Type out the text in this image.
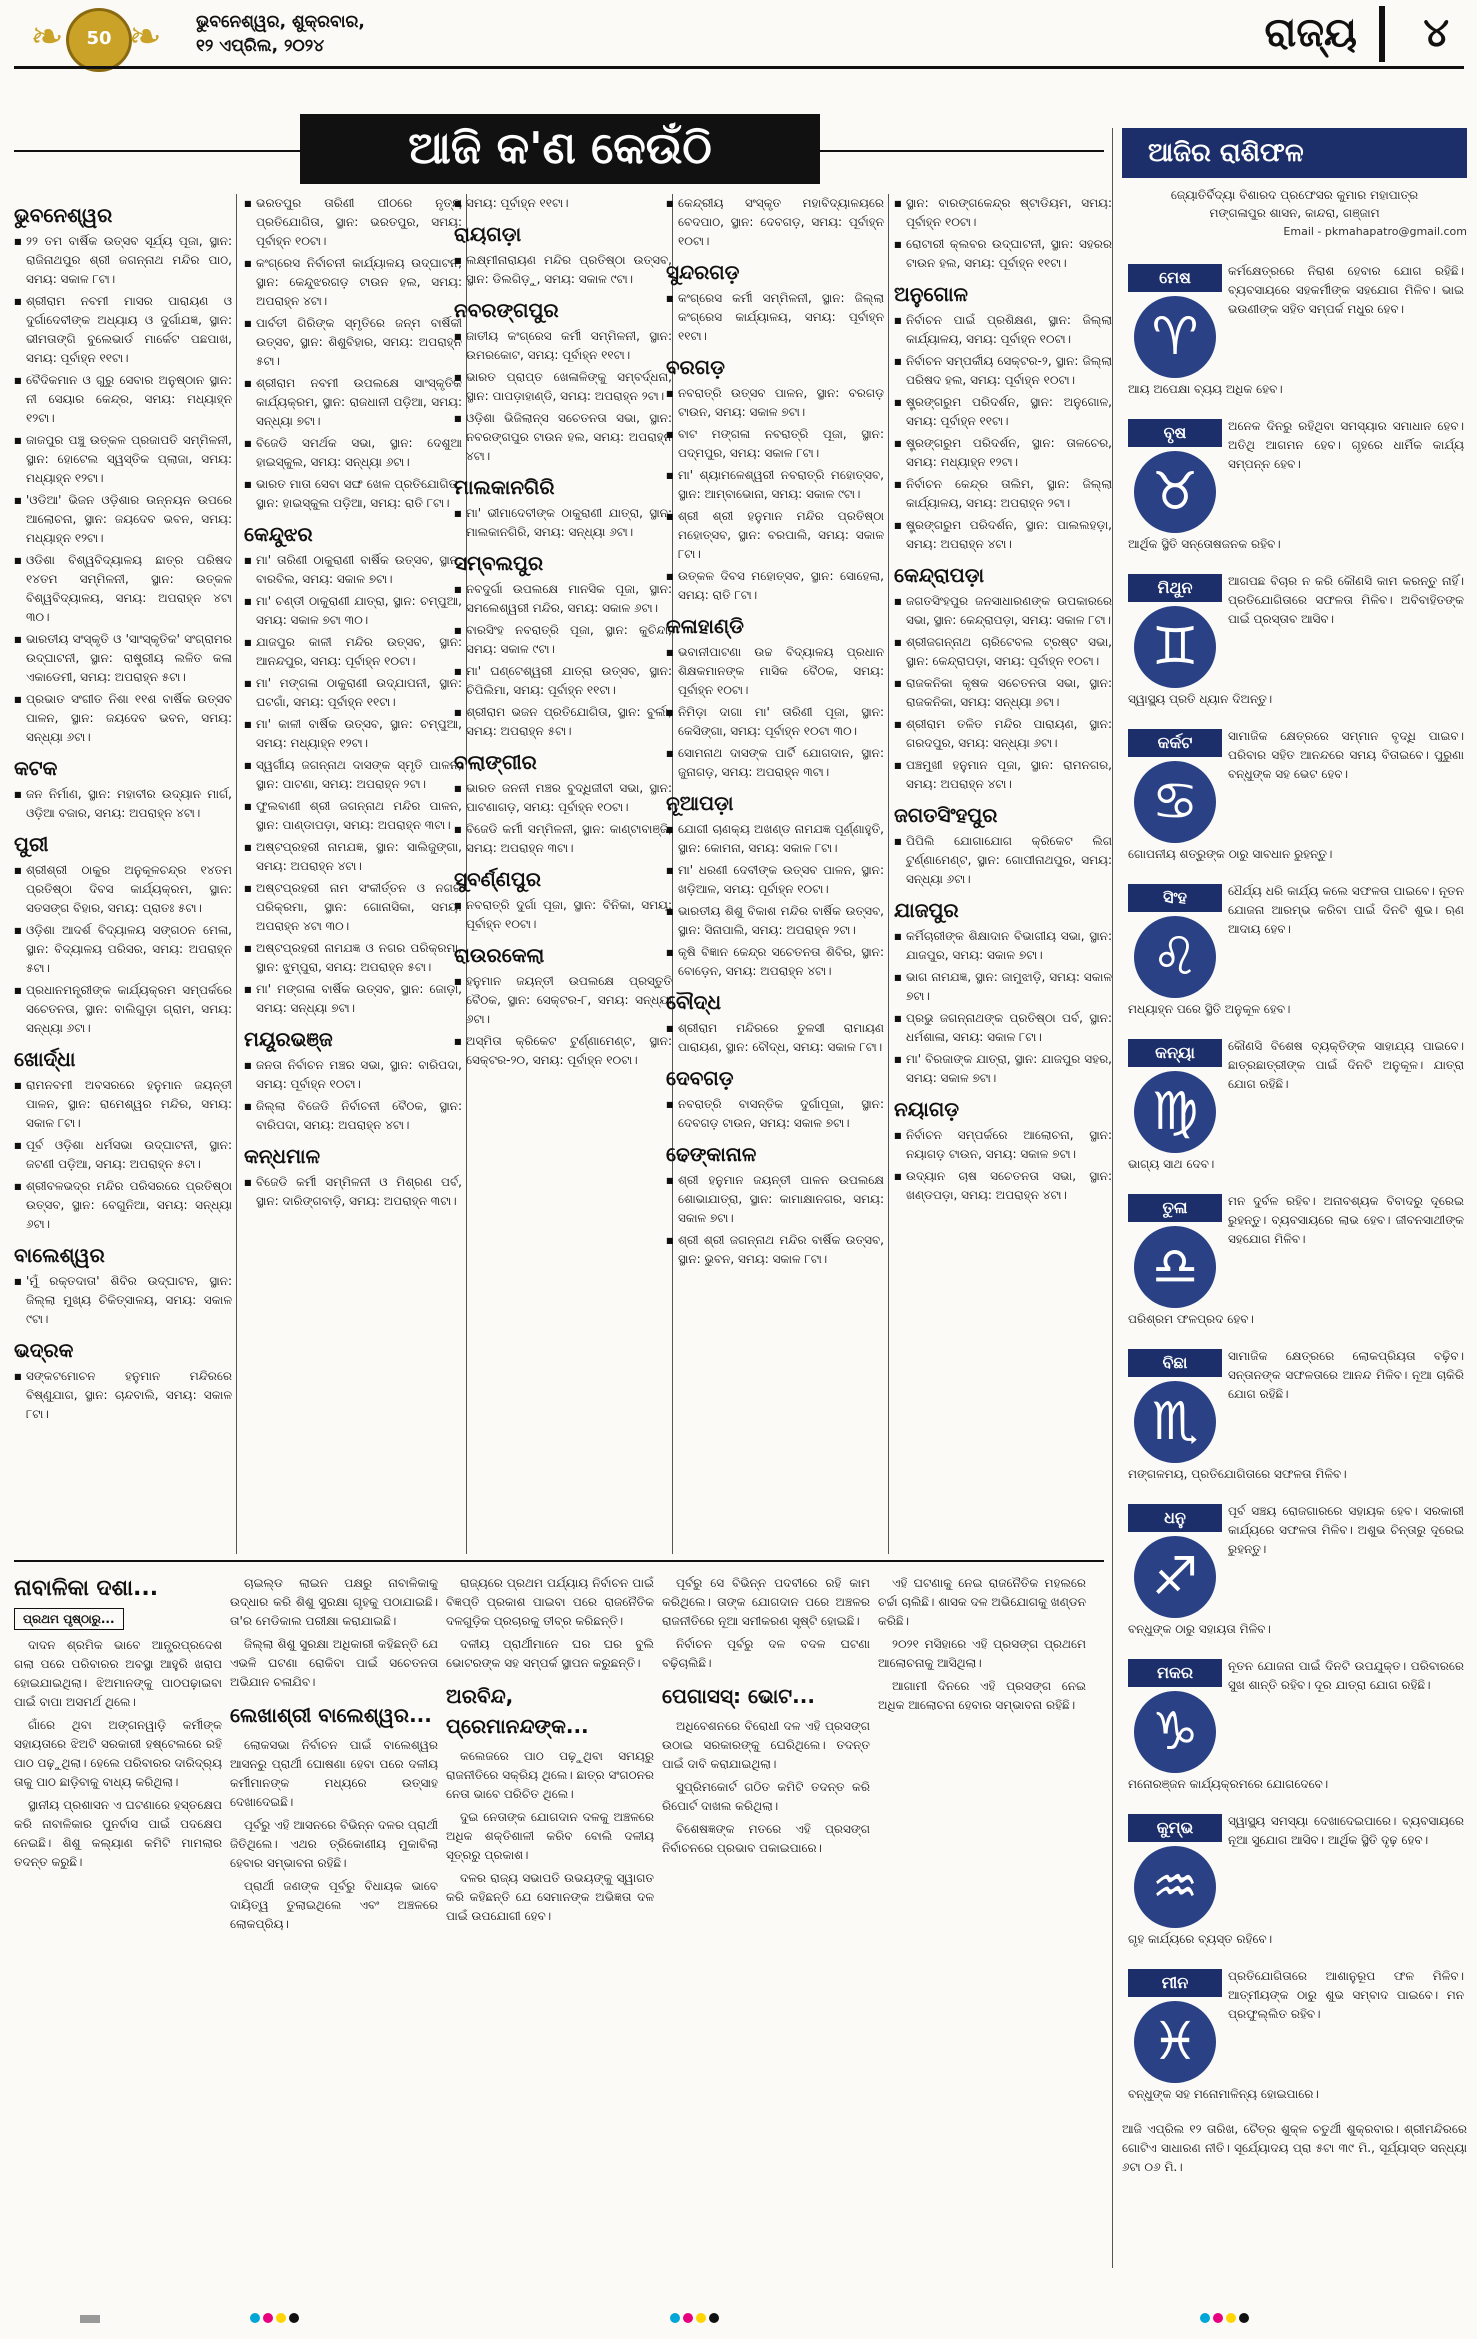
❧	50 ❧ ଭୁବନେଶ୍ୱର, ଶୁକ୍ରବାର,
୧୨ ଏପ୍ରିଲ, ୨୦୨୪	ରାଜ୍ୟ ୪
ଆଜି କ'ଣ କେଉଁଠି
ଭୁବନେଶ୍ୱର
■ ୨୨ ତମ ବାର୍ଷିକ ଉତ୍ସବ ସୂର୍ଯ୍ୟ ପୂଜା, ସ୍ଥାନ: ରାଜିନାଥପୁର ଶ୍ରୀ ଜଗନ୍ନାଥ ମନ୍ଦିର ପାଠ, ସମୟ: ସକାଳ ୮ଟା।
■ ଶ୍ରୀରାମ ନବମୀ ମାସର ପାରାୟଣ ଓ ଦୁର୍ଗାଦେବୀଙ୍କ ଅଧ୍ୟାୟ ଓ ଦୁର୍ଗାଯଜ୍ଞ, ସ୍ଥାନ: ଭୀମତାଙ୍ଗି ବୁଲେଭାର୍ଡ ମାର୍କେଟ ପଛପାଖ, ସମୟ: ପୂର୍ବାହ୍ନ ୧୧ଟା।
■ ବୈଦିକମାନ ଓ ଗୁରୁ ସେବାର ଅନୁଷ୍ଠାନ ସ୍ଥାନ: ନୀ ସେୟାର କେନ୍ଦ୍ର, ସମୟ: ମଧ୍ୟାହ୍ନ ୧୨ଟା।
■ ଜାଜପୁର ପଞ୍ଚୁ ଉତ୍କଳ ପ୍ରଜାପତି ସମ୍ମିଳନୀ, ସ୍ଥାନ: ହୋଟେଲ ସ୍ୱସ୍ତିକ ପ୍ଲାଜା, ସମୟ: ମଧ୍ୟାହ୍ନ ୧୨ଟା।
■ 'ଓଡିଆ' ଭିଜନ ଓଡ଼ିଶାର ଉନ୍ନୟନ ଉପରେ ଆଲୋଚନା, ସ୍ଥାନ: ଜୟଦେବ ଭବନ, ସମୟ: ମଧ୍ୟାହ୍ନ ୧୨ଟା।
■ ଓଡିଶା ବିଶ୍ୱବିଦ୍ୟାଳୟ ଛାତ୍ର ପରିଷଦ ୧୪ତମ ସମ୍ମିଳନୀ, ସ୍ଥାନ: ଉତ୍କଳ ବିଶ୍ୱବିଦ୍ୟାଳୟ, ସମୟ: ଅପରାହ୍ନ ୪ଟା ୩୦।
■ ଭାରତୀୟ ସଂସ୍କୃତି ଓ 'ସାଂସ୍କୃତିକ' ସଂଗ୍ରାମର ଉଦ୍‌ଘାଟନୀ, ସ୍ଥାନ: ରାଷ୍ଟ୍ରୀୟ ଲଳିତ କଳା ଏକାଡେମୀ, ସମୟ: ଅପରାହ୍ନ ୫ଟା।
■ ପ୍ରଭାତ ସଂଗୀତ ନିଶା ୧୧ଶ ବାର୍ଷିକ ଉତ୍ସବ ପାଳନ, ସ୍ଥାନ: ଜୟଦେବ ଭବନ, ସମୟ: ସନ୍ଧ୍ୟା ୬ଟା।
କଟକ
■ ଜନ ନିର୍ମାଣ, ସ୍ଥାନ: ମହାବୀର ଉଦ୍ୟାନ ମାର୍ଗ, ଓଡ଼ିଆ ବଜାର, ସମୟ: ଅପରାହ୍ନ ୪ଟା।
ପୁରୀ
■ ଶ୍ରୀଶ୍ରୀ ଠାକୁର ଅନୁକୂଳଚନ୍ଦ୍ର ୧୪ତମ ପ୍ରତିଷ୍ଠା ଦିବସ କାର୍ଯ୍ୟକ୍ରମ, ସ୍ଥାନ: ସତସଙ୍ଗ ବିହାର, ସମୟ: ପ୍ରାତଃ ୫ଟା।
■ ଓଡ଼ିଶା ଆଦର୍ଶ ବିଦ୍ୟାଳୟ ସଙ୍ଗଠନ ମେଳା, ସ୍ଥାନ: ବିଦ୍ୟାଳୟ ପରିସର, ସମୟ: ଅପରାହ୍ନ ୫ଟା।
■ ପ୍ରଧାନମନ୍ତ୍ରୀଙ୍କ କାର୍ଯ୍ୟକ୍ରମ ସମ୍ପର୍କରେ ସଚେତନତା, ସ୍ଥାନ: ବାଲିଗୁଡ଼ା ଗ୍ରାମ, ସମୟ: ସନ୍ଧ୍ୟା ୬ଟା।
ଖୋର୍ଦ୍ଧା
■ ରାମନବମୀ ଅବସରରେ ହନୁମାନ ଜୟନ୍ତୀ ପାଳନ, ସ୍ଥାନ: ରାମେଶ୍ୱର ମନ୍ଦିର, ସମୟ: ସକାଳ ୮ଟା।
■ ପୂର୍ବ ଓଡ଼ିଶା ଧର୍ମସଭା ଉଦ୍‌ଘାଟନୀ, ସ୍ଥାନ: ଜଟଣୀ ପଡ଼ିଆ, ସମୟ: ଅପରାହ୍ନ ୫ଟା।
■ ଶ୍ରୀବଳଭଦ୍ର ମନ୍ଦିର ପରିସରରେ ପ୍ରତିଷ୍ଠା ଉତ୍ସବ, ସ୍ଥାନ: ବେଗୁନିଆ, ସମୟ: ସନ୍ଧ୍ୟା ୬ଟା।
ବାଲେଶ୍ୱର
■ 'ମୁଁ ରକ୍ତଦାତା' ଶିବିର ଉଦ୍‌ଘାଟନ, ସ୍ଥାନ: ଜିଲ୍ଲା ମୁଖ୍ୟ ଚିକିତ୍ସାଳୟ, ସମୟ: ସକାଳ ୯ଟା।
ଭଦ୍ରକ
■ ସଙ୍କଟମୋଚନ ହନୁମାନ ମନ୍ଦିରରେ ବିଷ୍ଣୁଯାଗ, ସ୍ଥାନ: ଚାନ୍ଦବାଲି, ସମୟ: ସକାଳ ୮ଟା।
■ ଭରତପୁର ତାରିଣୀ ପୀଠରେ ନୃତ୍ୟ ପ୍ରତିଯୋଗିତା, ସ୍ଥାନ: ଭରତପୁର, ସମୟ: ପୂର୍ବାହ୍ନ ୧୦ଟା।
■ କଂଗ୍ରେସ ନିର୍ବାଚନୀ କାର୍ଯ୍ୟାଳୟ ଉଦ୍‌ଘାଟନ, ସ୍ଥାନ: କେନ୍ଦୁଝରଗଡ଼ ଟାଉନ ହଲ, ସମୟ: ଅପରାହ୍ନ ୪ଟା।
■ ପାର୍ବତୀ ଗିରିଙ୍କ ସ୍ମୃତିରେ ଜନ୍ମ ବାର୍ଷିକୀ ଉତ୍ସବ, ସ୍ଥାନ: ଶିଶୁବିହାର, ସମୟ: ଅପରାହ୍ନ ୫ଟା।
■ ଶ୍ରୀରାମ ନବମୀ ଉପଲକ୍ଷେ ସାଂସ୍କୃତିକ କାର୍ଯ୍ୟକ୍ରମ, ସ୍ଥାନ: ରାଜଧାନୀ ପଡ଼ିଆ, ସମୟ: ସନ୍ଧ୍ୟା ୭ଟା।
■ ବିଜେଡି ସମର୍ଥକ ସଭା, ସ୍ଥାନ: ଦେଶୁଆ ହାଇସ୍କୁଲ, ସମୟ: ସନ୍ଧ୍ୟା ୬ଟା।
■ ଭାରତ ମାତା ସେବା ସଙ୍ଘ ଖେଳ ପ୍ରତିଯୋଗିତା, ସ୍ଥାନ: ହାଇସ୍କୁଲ ପଡ଼ିଆ, ସମୟ: ରାତି ୮ଟା।
କେନ୍ଦୁଝର
■ ମା' ତାରିଣୀ ଠାକୁରାଣୀ ବାର୍ଷିକ ଉତ୍ସବ, ସ୍ଥାନ: ବାରବିଲ, ସମୟ: ସକାଳ ୭ଟା।
■ ମା' ଚଣ୍ଡୀ ଠାକୁରାଣୀ ଯାତ୍ରା, ସ୍ଥାନ: ଚମ୍ପୁଆ, ସମୟ: ସକାଳ ୭ଟା ୩୦।
■ ଯାଜପୁର କାଳୀ ମନ୍ଦିର ଉତ୍ସବ, ସ୍ଥାନ: ଆନନ୍ଦପୁର, ସମୟ: ପୂର୍ବାହ୍ନ ୧୦ଟା।
■ ମା' ମଙ୍ଗଳା ଠାକୁରାଣୀ ଉଦ୍‌ଯାପନୀ, ସ୍ଥାନ: ଘଟଗାଁ, ସମୟ: ପୂର୍ବାହ୍ନ ୧୧ଟା।
■ ମା' କାଳୀ ବାର୍ଷିକ ଉତ୍ସବ, ସ୍ଥାନ: ଚମ୍ପୁଆ, ସମୟ: ମଧ୍ୟାହ୍ନ ୧୨ଟା।
■ ସ୍ୱର୍ଗୀୟ ଜଗନ୍ନାଥ ଦାସଙ୍କ ସ୍ମୃତି ପାଳନ, ସ୍ଥାନ: ପାଟଣା, ସମୟ: ଅପରାହ୍ନ ୨ଟା।
■ ଫୁଲବାଣୀ ଶ୍ରୀ ଜଗନ୍ନାଥ ମନ୍ଦିର ପାଳନ, ସ୍ଥାନ: ପାଣ୍ଡାପଡ଼ା, ସମୟ: ଅପରାହ୍ନ ୩ଟା।
■ ଅଷ୍ଟପ୍ରହରୀ ନାମଯଜ୍ଞ, ସ୍ଥାନ: ସାଲିଜୁଙ୍ଗା, ସମୟ: ଅପରାହ୍ନ ୪ଟା।
■ ଅଷ୍ଟପ୍ରହରୀ ନାମ ସଂକୀର୍ତ୍ତନ ଓ ନଗର ପରିକ୍ରମା, ସ୍ଥାନ: ଗୋନାସିକା, ସମୟ: ଅପରାହ୍ନ ୪ଟା ୩୦।
■ ଅଷ୍ଟପ୍ରହରୀ ନାମଯଜ୍ଞ ଓ ନଗର ପରିକ୍ରମା, ସ୍ଥାନ: ଝୁମ୍ପୁରା, ସମୟ: ଅପରାହ୍ନ ୫ଟା।
■ ମା' ମଙ୍ଗଳା ବାର୍ଷିକ ଉତ୍ସବ, ସ୍ଥାନ: ଜୋଡ଼ା, ସମୟ: ସନ୍ଧ୍ୟା ୭ଟା।
ମୟୂରଭଞ୍ଜ
■ ଜନତା ନିର୍ବାଚନ ମଞ୍ଚର ସଭା, ସ୍ଥାନ: ବାରିପଦା, ସମୟ: ପୂର୍ବାହ୍ନ ୧୦ଟା।
■ ଜିଲ୍ଲା ବିଜେଡି ନିର୍ବାଚନୀ ବୈଠକ, ସ୍ଥାନ: ବାରିପଦା, ସମୟ: ଅପରାହ୍ନ ୪ଟା।
କନ୍ଧମାଳ
■ ବିଜେଡି କର୍ମୀ ସମ୍ମିଳନୀ ଓ ମିଶ୍ରଣ ପର୍ବ, ସ୍ଥାନ: ଦାରିଙ୍ଗବାଡ଼ି, ସମୟ: ଅପରାହ୍ନ ୩ଟା।
■ ସମୟ: ପୂର୍ବାହ୍ନ ୧୧ଟା।
ରାୟଗଡ଼ା
■ ଲକ୍ଷ୍ମୀନାରାୟଣ ମନ୍ଦିର ପ୍ରତିଷ୍ଠା ଉତ୍ସବ, ସ୍ଥାନ: ଡିଲଗିଡ଼ୁ, ସମୟ: ସକାଳ ୯ଟା।
ନବରଙ୍ଗପୁର
■ ଜାତୀୟ କଂଗ୍ରେସ କର୍ମୀ ସମ୍ମିଳନୀ, ସ୍ଥାନ: ଉମରକୋଟ, ସମୟ: ପୂର୍ବାହ୍ନ ୧୧ଟା।
■ ଭାରତ ପ୍ରାପ୍ତ ଖେଳାଳିଙ୍କୁ ସମ୍ବର୍ଦ୍ଧନା, ସ୍ଥାନ: ପାପଡ଼ାହାଣ୍ଡି, ସମୟ: ଅପରାହ୍ନ ୨ଟା।
■ ଓଡ଼ିଶା ଭିଜିଲାନ୍ସ ସଚେତନତା ସଭା, ସ୍ଥାନ: ନବରଙ୍ଗପୁର ଟାଉନ ହଲ, ସମୟ: ଅପରାହ୍ନ ୪ଟା।
ମାଲକାନଗିରି
■ ମା' ଭୀମାଦେବୀଙ୍କ ଠାକୁରାଣୀ ଯାତ୍ରା, ସ୍ଥାନ: ମାଲକାନଗିରି, ସମୟ: ସନ୍ଧ୍ୟା ୬ଟା।
ସମ୍ବଲପୁର
■ ନବଦୁର୍ଗା ଉପଲକ୍ଷେ ମାନସିକ ପୂଜା, ସ୍ଥାନ: ସମଲେଶ୍ୱରୀ ମନ୍ଦିର, ସମୟ: ସକାଳ ୬ଟା।
■ ବାରସିଂହ ନବରାତ୍ରି ପୂଜା, ସ୍ଥାନ: କୁଚିନ୍ଦା, ସମୟ: ସକାଳ ୯ଟା।
■ ମା' ଘଣ୍ଟେଶ୍ୱରୀ ଯାତ୍ରା ଉତ୍ସବ, ସ୍ଥାନ: ଚିପିଲିମା, ସମୟ: ପୂର୍ବାହ୍ନ ୧୧ଟା।
■ ଶ୍ରୀରାମ ଭଜନ ପ୍ରତିଯୋଗିତା, ସ୍ଥାନ: ବୁର୍ଲା, ସମୟ: ଅପରାହ୍ନ ୫ଟା।
ବଲାଙ୍ଗୀର
■ ଭାରତ ଜନନୀ ମଞ୍ଚର ବୁଦ୍ଧିଜୀବୀ ସଭା, ସ୍ଥାନ: ପାଟଣାଗଡ଼, ସମୟ: ପୂର୍ବାହ୍ନ ୧୦ଟା।
■ ବିଜେଡି କର୍ମୀ ସମ୍ମିଳନୀ, ସ୍ଥାନ: କାଣ୍ଟାବାଞ୍ଜି, ସମୟ: ଅପରାହ୍ନ ୩ଟା।
ସୁବର୍ଣ୍ଣପୁର
■ ନବରାତ୍ରି ଦୁର୍ଗା ପୂଜା, ସ୍ଥାନ: ବିନିକା, ସମୟ: ପୂର୍ବାହ୍ନ ୧୦ଟା।
ରାଉରକେଲା
■ ହନୁମାନ ଜୟନ୍ତୀ ଉପଲକ୍ଷେ ପ୍ରସ୍ତୁତି ବୈଠକ, ସ୍ଥାନ: ସେକ୍ଟର-୮, ସମୟ: ସନ୍ଧ୍ୟା ୬ଟା।
■ ଅସ୍ମିତା କ୍ରିକେଟ ଟୁର୍ଣ୍ଣାମେଣ୍ଟ, ସ୍ଥାନ: ସେକ୍ଟର-୨୦, ସମୟ: ପୂର୍ବାହ୍ନ ୧୦ଟା।
■ କେନ୍ଦ୍ରୀୟ ସଂସ୍କୃତ ମହାବିଦ୍ୟାଳୟରେ ବେଦପାଠ, ସ୍ଥାନ: ଦେବଗଡ଼, ସମୟ: ପୂର୍ବାହ୍ନ ୧୦ଟା।
ସୁନ୍ଦରଗଡ଼
■ କଂଗ୍ରେସ କର୍ମୀ ସମ୍ମିଳନୀ, ସ୍ଥାନ: ଜିଲ୍ଲା କଂଗ୍ରେସ କାର୍ଯ୍ୟାଳୟ, ସମୟ: ପୂର୍ବାହ୍ନ ୧୧ଟା।
ବରଗଡ଼
■ ନବରାତ୍ରି ଉତ୍ସବ ପାଳନ, ସ୍ଥାନ: ବରଗଡ଼ ଟାଉନ, ସମୟ: ସକାଳ ୭ଟା।
■ ବାଟ ମଙ୍ଗଳା ନବରାତ୍ରି ପୂଜା, ସ୍ଥାନ: ପଦ୍ମପୁର, ସମୟ: ସକାଳ ୮ଟା।
■ ମା' ଶ୍ୟାମଳେଶ୍ୱରୀ ନବରାତ୍ରି ମହୋତ୍ସବ, ସ୍ଥାନ: ଆମ୍ବାଭୋନା, ସମୟ: ସକାଳ ୯ଟା।
■ ଶ୍ରୀ ଶ୍ରୀ ହନୁମାନ ମନ୍ଦିର ପ୍ରତିଷ୍ଠା ମହୋତ୍ସବ, ସ୍ଥାନ: ବରପାଲି, ସମୟ: ସକାଳ ୮ଟା।
■ ଉତ୍କଳ ଦିବସ ମହୋତ୍ସବ, ସ୍ଥାନ: ସୋହେଲା, ସମୟ: ରାତି ୮ଟା।
କଳାହାଣ୍ଡି
■ ଭବାନୀପାଟଣା ଉଚ୍ଚ ବିଦ୍ୟାଳୟ ପ୍ରଧାନ ଶିକ୍ଷକମାନଙ୍କ ମାସିକ ବୈଠକ, ସମୟ: ପୂର୍ବାହ୍ନ ୧୦ଟା।
■ ନିମିଡ଼ା ଦାଗା ମା' ତାରିଣୀ ପୂଜା, ସ୍ଥାନ: କେସିଙ୍ଗା, ସମୟ: ପୂର୍ବାହ୍ନ ୧୦ଟା ୩୦।
■ ସୋମନାଥ ଦାସଙ୍କ ପାର୍ଟି ଯୋଗଦାନ, ସ୍ଥାନ: ଜୁନାଗଡ଼, ସମୟ: ଅପରାହ୍ନ ୩ଟା।
ନୂଆପଡ଼ା
■ ଯୋଗୀ ଚାଣକ୍ୟ ଅଖଣ୍ଡ ନାମଯଜ୍ଞ ପୂର୍ଣ୍ଣାହୁତି, ସ୍ଥାନ: କୋମନା, ସମୟ: ସକାଳ ୮ଟା।
■ ମା' ଧରଣୀ ଦେବୀଙ୍କ ଉତ୍ସବ ପାଳନ, ସ୍ଥାନ: ଖଡ଼ିଆଳ, ସମୟ: ପୂର୍ବାହ୍ନ ୧୦ଟା।
■ ଭାରତୀୟ ଶିଶୁ ବିକାଶ ମନ୍ଦିର ବାର୍ଷିକ ଉତ୍ସବ, ସ୍ଥାନ: ସିନାପାଲି, ସମୟ: ଅପରାହ୍ନ ୨ଟା।
■ କୃଷି ବିଜ୍ଞାନ କେନ୍ଦ୍ର ସଚେତନତା ଶିବିର, ସ୍ଥାନ: ବୋଡ଼େନ, ସମୟ: ଅପରାହ୍ନ ୪ଟା।
ବୌଦ୍ଧ
■ ଶ୍ରୀରାମ ମନ୍ଦିରରେ ତୁଳସୀ ରାମାୟଣ ପାରାୟଣ, ସ୍ଥାନ: ବୌଦ୍ଧ, ସମୟ: ସକାଳ ୮ଟା।
ଦେବଗଡ଼
■ ନବରାତ୍ରି ବାସନ୍ତିକ ଦୁର୍ଗାପୂଜା, ସ୍ଥାନ: ଦେବଗଡ଼ ଟାଉନ, ସମୟ: ସକାଳ ୭ଟା।
ଢେଙ୍କାନାଳ
■ ଶ୍ରୀ ହନୁମାନ ଜୟନ୍ତୀ ପାଳନ ଉପଲକ୍ଷେ ଶୋଭାଯାତ୍ରା, ସ୍ଥାନ: କାମାକ୍ଷାନଗର, ସମୟ: ସକାଳ ୭ଟା।
■ ଶ୍ରୀ ଶ୍ରୀ ଜଗନ୍ନାଥ ମନ୍ଦିର ବାର୍ଷିକ ଉତ୍ସବ, ସ୍ଥାନ: ଭୁବନ, ସମୟ: ସକାଳ ୮ଟା।
■ ସ୍ଥାନ: ବାରଙ୍ଗକେନ୍ଦ୍ର ଷ୍ଟାଡିୟମ, ସମୟ: ପୂର୍ବାହ୍ନ ୧୦ଟା।
■ ରୋଟାରୀ କ୍ଲବର ଉଦ୍‌ଘାଟନୀ, ସ୍ଥାନ: ସହରର ଟାଉନ ହଲ, ସମୟ: ପୂର୍ବାହ୍ନ ୧୧ଟା।
ଅନୁଗୋଳ
■ ନିର୍ବାଚନ ପାଇଁ ପ୍ରଶିକ୍ଷଣ, ସ୍ଥାନ: ଜିଲ୍ଲା କାର୍ଯ୍ୟାଳୟ, ସମୟ: ପୂର୍ବାହ୍ନ ୧୦ଟା।
■ ନିର୍ବାଚନ ସମ୍ପର୍କୀୟ ସେକ୍ଟର-୨, ସ୍ଥାନ: ଜିଲ୍ଲା ପରିଷଦ ହଲ, ସମୟ: ପୂର୍ବାହ୍ନ ୧୦ଟା।
■ ଷ୍ଟ୍ରଙ୍ଗରୁମ ପରିଦର୍ଶନ, ସ୍ଥାନ: ଅନୁଗୋଳ, ସମୟ: ପୂର୍ବାହ୍ନ ୧୧ଟା।
■ ଷ୍ଟ୍ରଙ୍ଗରୁମ ପରିଦର୍ଶନ, ସ୍ଥାନ: ତାଳଚେର, ସମୟ: ମଧ୍ୟାହ୍ନ ୧୨ଟା।
■ ନିର୍ବାଚନ କେନ୍ଦ୍ର ତାଲିମ, ସ୍ଥାନ: ଜିଲ୍ଲା କାର୍ଯ୍ୟାଳୟ, ସମୟ: ଅପରାହ୍ନ ୨ଟା।
■ ଷ୍ଟ୍ରଙ୍ଗରୁମ ପରିଦର୍ଶନ, ସ୍ଥାନ: ପାଲଲହଡ଼ା, ସମୟ: ଅପରାହ୍ନ ୪ଟା।
କେନ୍ଦ୍ରାପଡ଼ା
■ ଜଗତସିଂହପୁର ଜନସାଧାରଣଙ୍କ ଉପକାରରେ ସଭା, ସ୍ଥାନ: କେନ୍ଦ୍ରାପଡ଼ା, ସମୟ: ସକାଳ ୮ଟା।
■ ଶ୍ରୀଜଗନ୍ନାଥ ଚାରିଟେବଲ ଟ୍ରଷ୍ଟ ସଭା, ସ୍ଥାନ: କେନ୍ଦ୍ରାପଡ଼ା, ସମୟ: ପୂର୍ବାହ୍ନ ୧୦ଟା।
■ ରାଜକନିକା କୃଷକ ସଚେତନତା ସଭା, ସ୍ଥାନ: ରାଜକନିକା, ସମୟ: ସନ୍ଧ୍ୟା ୬ଟା।
■ ଶ୍ରୀରାମ ତଳିତ ମନ୍ଦିର ପାରାୟଣ, ସ୍ଥାନ: ଗରଦପୁର, ସମୟ: ସନ୍ଧ୍ୟା ୬ଟା।
■ ପଞ୍ଚମୁଖୀ ହନୁମାନ ପୂଜା, ସ୍ଥାନ: ରାମନଗର, ସମୟ: ଅପରାହ୍ନ ୪ଟା।
ଜଗତସିଂହପୁର
■ ପିପିଲି ଯୋଗାଯୋଗ କ୍ରିକେଟ ଲିଗ ଟୁର୍ଣ୍ଣାମେଣ୍ଟ, ସ୍ଥାନ: ଗୋପୀନାଥପୁର, ସମୟ: ସନ୍ଧ୍ୟା ୬ଟା।
ଯାଜପୁର
■ କର୍ମିଚାରୀଙ୍କ ଶିକ୍ଷାଦାନ ବିଭାଗୀୟ ସଭା, ସ୍ଥାନ: ଯାଜପୁର, ସମୟ: ସକାଳ ୭ଟା।
■ ଭାଗ ନାମଯଜ୍ଞ, ସ୍ଥାନ: ଜାମୁଝାଡ଼ି, ସମୟ: ସକାଳ ୭ଟା।
■ ପ୍ରଭୁ ଜଗନ୍ନାଥଙ୍କ ପ୍ରତିଷ୍ଠା ପର୍ବ, ସ୍ଥାନ: ଧର୍ମଶାଳା, ସମୟ: ସକାଳ ୮ଟା।
■ ମା' ବିରଜାଙ୍କ ଯାତ୍ରା, ସ୍ଥାନ: ଯାଜପୁର ସହର, ସମୟ: ସକାଳ ୭ଟା।
ନୟାଗଡ଼
■ ନିର୍ବାଚନ ସମ୍ପର୍କରେ ଆଲୋଚନା, ସ୍ଥାନ: ନୟାଗଡ଼ ଟାଉନ, ସମୟ: ସକାଳ ୭ଟା।
■ ଉଦ୍ୟାନ ଚାଷ ସଚେତନତା ସଭା, ସ୍ଥାନ: ଖଣ୍ଡପଡ଼ା, ସମୟ: ଅପରାହ୍ନ ୪ଟା।
ଆଜିର ରାଶିଫଳ
ଜ୍ୟୋତିର୍ବିଦ୍ୟା ବିଶାରଦ ପ୍ରଫେସର କୁମାର ମହାପାତ୍ର
ମଙ୍ଗଳାପୁର ଶାସନ, କାନ୍ଦରା, ଗଞ୍ଜାମ
Email - pkmahapatro@gmail.com
ମେଷ
♈
କର୍ମକ୍ଷେତ୍ରରେ ନିରାଶ ହେବାର ଯୋଗ ରହିଛି। ବ୍ୟବସାୟରେ ସହକର୍ମୀଙ୍କ ସହଯୋଗ ମିଳିବ। ଭାଇ ଭଉଣୀଙ୍କ ସହିତ ସମ୍ପର୍କ ମଧୁର ହେବ।
ଆୟ ଅପେକ୍ଷା ବ୍ୟୟ ଅଧିକ ହେବ।
ବୃଷ
♉
ଅନେକ ଦିନରୁ ରହିଥିବା ସମସ୍ୟାର ସମାଧାନ ହେବ। ଅତିଥି ଆଗମନ ହେବ। ଗୃହରେ ଧାର୍ମିକ କାର୍ଯ୍ୟ ସମ୍ପନ୍ନ ହେବ।
ଆର୍ଥିକ ସ୍ଥିତି ସନ୍ତୋଷଜନକ ରହିବ।
ମିଥୁନ
♊
ଆଗପଛ ବିଚାର ନ କରି କୌଣସି କାମ କରନ୍ତୁ ନାହିଁ। ପ୍ରତିଯୋଗିତାରେ ସଫଳତା ମିଳିବ। ଅବିବାହିତଙ୍କ ପାଇଁ ପ୍ରସ୍ତାବ ଆସିବ।
ସ୍ୱାସ୍ଥ୍ୟ ପ୍ରତି ଧ୍ୟାନ ଦିଅନ୍ତୁ।
କର୍କଟ
♋
ସାମାଜିକ କ୍ଷେତ୍ରରେ ସମ୍ମାନ ବୃଦ୍ଧି ପାଇବ। ପରିବାର ସହିତ ଆନନ୍ଦରେ ସମୟ ବିତାଇବେ। ପୁରୁଣା ବନ୍ଧୁଙ୍କ ସହ ଭେଟ ହେବ।
ଗୋପନୀୟ ଶତ୍ରୁଙ୍କ ଠାରୁ ସାବଧାନ ରୁହନ୍ତୁ।
ସିଂହ
♌
ଧୈର୍ଯ୍ୟ ଧରି କାର୍ଯ୍ୟ କଲେ ସଫଳତା ପାଇବେ। ନୂତନ ଯୋଜନା ଆରମ୍ଭ କରିବା ପାଇଁ ଦିନଟି ଶୁଭ। ଋଣ ଆଦାୟ ହେବ।
ମଧ୍ୟାହ୍ନ ପରେ ସ୍ଥିତି ଅନୁକୂଳ ହେବ।
କନ୍ୟା
♍
କୌଣସି ବିଶେଷ ବ୍ୟକ୍ତିଙ୍କ ସାହାଯ୍ୟ ପାଇବେ। ଛାତ୍ରଛାତ୍ରୀଙ୍କ ପାଇଁ ଦିନଟି ଅନୁକୂଳ। ଯାତ୍ରା ଯୋଗ ରହିଛି।
ଭାଗ୍ୟ ସାଥ ଦେବ।
ତୁଳା
♎
ମନ ଦୁର୍ବଳ ରହିବ। ଅନାବଶ୍ୟକ ବିବାଦରୁ ଦୂରେଇ ରୁହନ୍ତୁ। ବ୍ୟବସାୟରେ ଲାଭ ହେବ। ଜୀବନସାଥୀଙ୍କ ସହଯୋଗ ମିଳିବ।
ପରିଶ୍ରମ ଫଳପ୍ରଦ ହେବ।
ବିଛା
♏
ସାମାଜିକ କ୍ଷେତ୍ରରେ ଲୋକପ୍ରିୟତା ବଢ଼ିବ। ସନ୍ତାନଙ୍କ ସଫଳତାରେ ଆନନ୍ଦ ମିଳିବ। ନୂଆ ଚାକିରି ଯୋଗ ରହିଛି।
ମଙ୍ଗଳମୟ, ପ୍ରତିଯୋଗିତାରେ ସଫଳତା ମିଳିବ।
ଧନୁ
♐
ପୂର୍ବ ସଞ୍ଚୟ ରୋଜଗାରରେ ସହାୟକ ହେବ। ସରକାରୀ କାର୍ଯ୍ୟରେ ସଫଳତା ମିଳିବ। ଅଶୁଭ ଚିନ୍ତାରୁ ଦୂରେଇ ରୁହନ୍ତୁ।
ବନ୍ଧୁଙ୍କ ଠାରୁ ସହାୟତା ମିଳିବ।
ମକର
♑
ନୂତନ ଯୋଜନା ପାଇଁ ଦିନଟି ଉପଯୁକ୍ତ। ପରିବାରରେ ସୁଖ ଶାନ୍ତି ରହିବ। ଦୂର ଯାତ୍ରା ଯୋଗ ରହିଛି।
ମନୋରଞ୍ଜନ କାର୍ଯ୍ୟକ୍ରମରେ ଯୋଗଦେବେ।
କୁମ୍ଭ
♒
ସ୍ୱାସ୍ଥ୍ୟ ସମସ୍ୟା ଦେଖାଦେଇପାରେ। ବ୍ୟବସାୟରେ ନୂଆ ସୁଯୋଗ ଆସିବ। ଆର୍ଥିକ ସ୍ଥିତି ଦୃଢ଼ ହେବ।
ଗୃହ କାର୍ଯ୍ୟରେ ବ୍ୟସ୍ତ ରହିବେ।
ମୀନ
♓
ପ୍ରତିଯୋଗିତାରେ ଆଶାନୁରୂପ ଫଳ ମିଳିବ। ଆତ୍ମୀୟଙ୍କ ଠାରୁ ଶୁଭ ସମ୍ବାଦ ପାଇବେ। ମନ ପ୍ରଫୁଲ୍ଲିତ ରହିବ।
ବନ୍ଧୁଙ୍କ ସହ ମନୋମାଳିନ୍ୟ ହୋଇପାରେ।
ଆଜି ଏପ୍ରିଲ ୧୨ ତାରିଖ, ଚୈତ୍ର ଶୁକ୍ଳ ଚତୁର୍ଥୀ ଶୁକ୍ରବାର। ଶ୍ରୀମନ୍ଦିରରେ ଗୋଟିଏ ସାଧାରଣ ନୀତି। ସୂର୍ଯ୍ୟୋଦୟ ପ୍ରା ୫ଟା ୩୯ ମି., ସୂର୍ଯ୍ୟାସ୍ତ ସନ୍ଧ୍ୟା ୬ଟା ୦୬ ମି.।
ନାବାଳିକା ଦଶା...
ପ୍ରଥମ ପୃଷ୍ଠାରୁ...

ଦାଦନ ଶ୍ରମିକ ଭାବେ ଆନ୍ଧ୍ରପ୍ରଦେଶ ଗଲା ପରେ ପରିବାରର ଅବସ୍ଥା ଆହୁରି ଖରାପ ହୋଇଯାଇଥିଲା। ଝିଅମାନଙ୍କୁ ପାଠପଢ଼ାଇବା ପାଇଁ ବାପା ଅସମର୍ଥ ଥିଲେ।

ଗାଁରେ ଥିବା ଅଙ୍ଗନୱାଡ଼ି କର୍ମୀଙ୍କ ସହାୟତାରେ ଝିଅଟି ସରକାରୀ ହଷ୍ଟେଲରେ ରହି ପାଠ ପଢ଼ୁଥିଲା। ହେଲେ ପରିବାରର ଦାରିଦ୍ର୍ୟ ତାକୁ ପାଠ ଛାଡ଼ିବାକୁ ବାଧ୍ୟ କରିଥିଲା।

ସ୍ଥାନୀୟ ପ୍ରଶାସନ ଏ ଘଟଣାରେ ହସ୍ତକ୍ଷେପ କରି ନାବାଳିକାର ପୁନର୍ବାସ ପାଇଁ ପଦକ୍ଷେପ ନେଇଛି। ଶିଶୁ କଲ୍ୟାଣ କମିଟି ମାମଲାର ତଦନ୍ତ କରୁଛି।

ଚାଇଲ୍ଡ ଲାଇନ ପକ୍ଷରୁ ନାବାଳିକାକୁ ଉଦ୍ଧାର କରି ଶିଶୁ ସୁରକ୍ଷା ଗୃହକୁ ପଠାଯାଇଛି। ତା'ର ମେଡିକାଲ ପରୀକ୍ଷା କରାଯାଇଛି।

ଜିଲ୍ଲା ଶିଶୁ ସୁରକ୍ଷା ଅଧିକାରୀ କହିଛନ୍ତି ଯେ ଏଭଳି ଘଟଣା ରୋକିବା ପାଇଁ ସଚେତନତା ଅଭିଯାନ ଚଳାଯିବ।

ଲେଖାଶ୍ରୀ ବାଲେଶ୍ୱର...

ଲୋକସଭା ନିର୍ବାଚନ ପାଇଁ ବାଲେଶ୍ୱର ଆସନରୁ ପ୍ରାର୍ଥୀ ଘୋଷଣା ହେବା ପରେ ଦଳୀୟ କର୍ମୀମାନଙ୍କ ମଧ୍ୟରେ ଉତ୍ସାହ ଦେଖାଦେଇଛି।

ପୂର୍ବରୁ ଏହି ଆସନରେ ବିଭିନ୍ନ ଦଳର ପ୍ରାର୍ଥୀ ଜିତିଥିଲେ। ଏଥର ତ୍ରିକୋଣୀୟ ମୁକାବିଲା ହେବାର ସମ୍ଭାବନା ରହିଛି।

ପ୍ରାର୍ଥୀ ଜଣଙ୍କ ପୂର୍ବରୁ ବିଧାୟକ ଭାବେ ଦାୟିତ୍ୱ ତୁଲାଇଥିଲେ ଏବଂ ଅଞ୍ଚଳରେ ଲୋକପ୍ରିୟ।

ରାଜ୍ୟରେ ପ୍ରଥମ ପର୍ଯ୍ୟାୟ ନିର୍ବାଚନ ପାଇଁ ବିଜ୍ଞପ୍ତି ପ୍ରକାଶ ପାଇବା ପରେ ରାଜନୈତିକ ଦଳଗୁଡ଼ିକ ପ୍ରଚାରକୁ ତୀବ୍ର କରିଛନ୍ତି।

ଦଳୀୟ ପ୍ରାର୍ଥୀମାନେ ଘର ଘର ବୁଲି ଭୋଟରଙ୍କ ସହ ସମ୍ପର୍କ ସ୍ଥାପନ କରୁଛନ୍ତି।

ଅରବିନ୍ଦ, ପ୍ରେମାନନ୍ଦଙ୍କ...

କଲେଜରେ ପାଠ ପଢ଼ୁଥିବା ସମୟରୁ ରାଜନୀତିରେ ସକ୍ରିୟ ଥିଲେ। ଛାତ୍ର ସଂଗଠନର ନେତା ଭାବେ ପରିଚିତ ଥିଲେ।

ଦୁଇ ନେତାଙ୍କ ଯୋଗଦାନ ଦଳକୁ ଅଞ୍ଚଳରେ ଅଧିକ ଶକ୍ତିଶାଳୀ କରିବ ବୋଲି ଦଳୀୟ ସୂତ୍ରରୁ ପ୍ରକାଶ।

ଦଳର ରାଜ୍ୟ ସଭାପତି ଉଭୟଙ୍କୁ ସ୍ୱାଗତ କରି କହିଛନ୍ତି ଯେ ସେମାନଙ୍କ ଅଭିଜ୍ଞତା ଦଳ ପାଇଁ ଉପଯୋଗୀ ହେବ।

ପୂର୍ବରୁ ସେ ବିଭିନ୍ନ ପଦବୀରେ ରହି କାମ କରିଥିଲେ। ତାଙ୍କ ଯୋଗଦାନ ପରେ ଅଞ୍ଚଳର ରାଜନୀତିରେ ନୂଆ ସମୀକରଣ ସୃଷ୍ଟି ହୋଇଛି।

ନିର୍ବାଚନ ପୂର୍ବରୁ ଦଳ ବଦଳ ଘଟଣା ବଢ଼ିଚାଲିଛି।

ପେଗାସସ୍‌: ଭୋଟ...

ଅଧିବେଶନରେ ବିରୋଧୀ ଦଳ ଏହି ପ୍ରସଙ୍ଗ ଉଠାଇ ସରକାରଙ୍କୁ ଘେରିଥିଲେ। ତଦନ୍ତ ପାଇଁ ଦାବି କରାଯାଇଥିଲା।

ସୁପ୍ରିମକୋର୍ଟ ଗଠିତ କମିଟି ତଦନ୍ତ କରି ରିପୋର୍ଟ ଦାଖଲ କରିଥିଲା।

ବିଶେଷଜ୍ଞଙ୍କ ମତରେ ଏହି ପ୍ରସଙ୍ଗ ନିର୍ବାଚନରେ ପ୍ରଭାବ ପକାଇପାରେ।

ଏହି ଘଟଣାକୁ ନେଇ ରାଜନୈତିକ ମହଲରେ ଚର୍ଚ୍ଚା ଚାଲିଛି। ଶାସକ ଦଳ ଅଭିଯୋଗକୁ ଖଣ୍ଡନ କରିଛି।

୨୦୨୧ ମସିହାରେ ଏହି ପ୍ରସଙ୍ଗ ପ୍ରଥମେ ଆଲୋଚନାକୁ ଆସିଥିଲା।

ଆଗାମୀ ଦିନରେ ଏହି ପ୍ରସଙ୍ଗ ନେଇ ଅଧିକ ଆଲୋଚନା ହେବାର ସମ୍ଭାବନା ରହିଛି।
